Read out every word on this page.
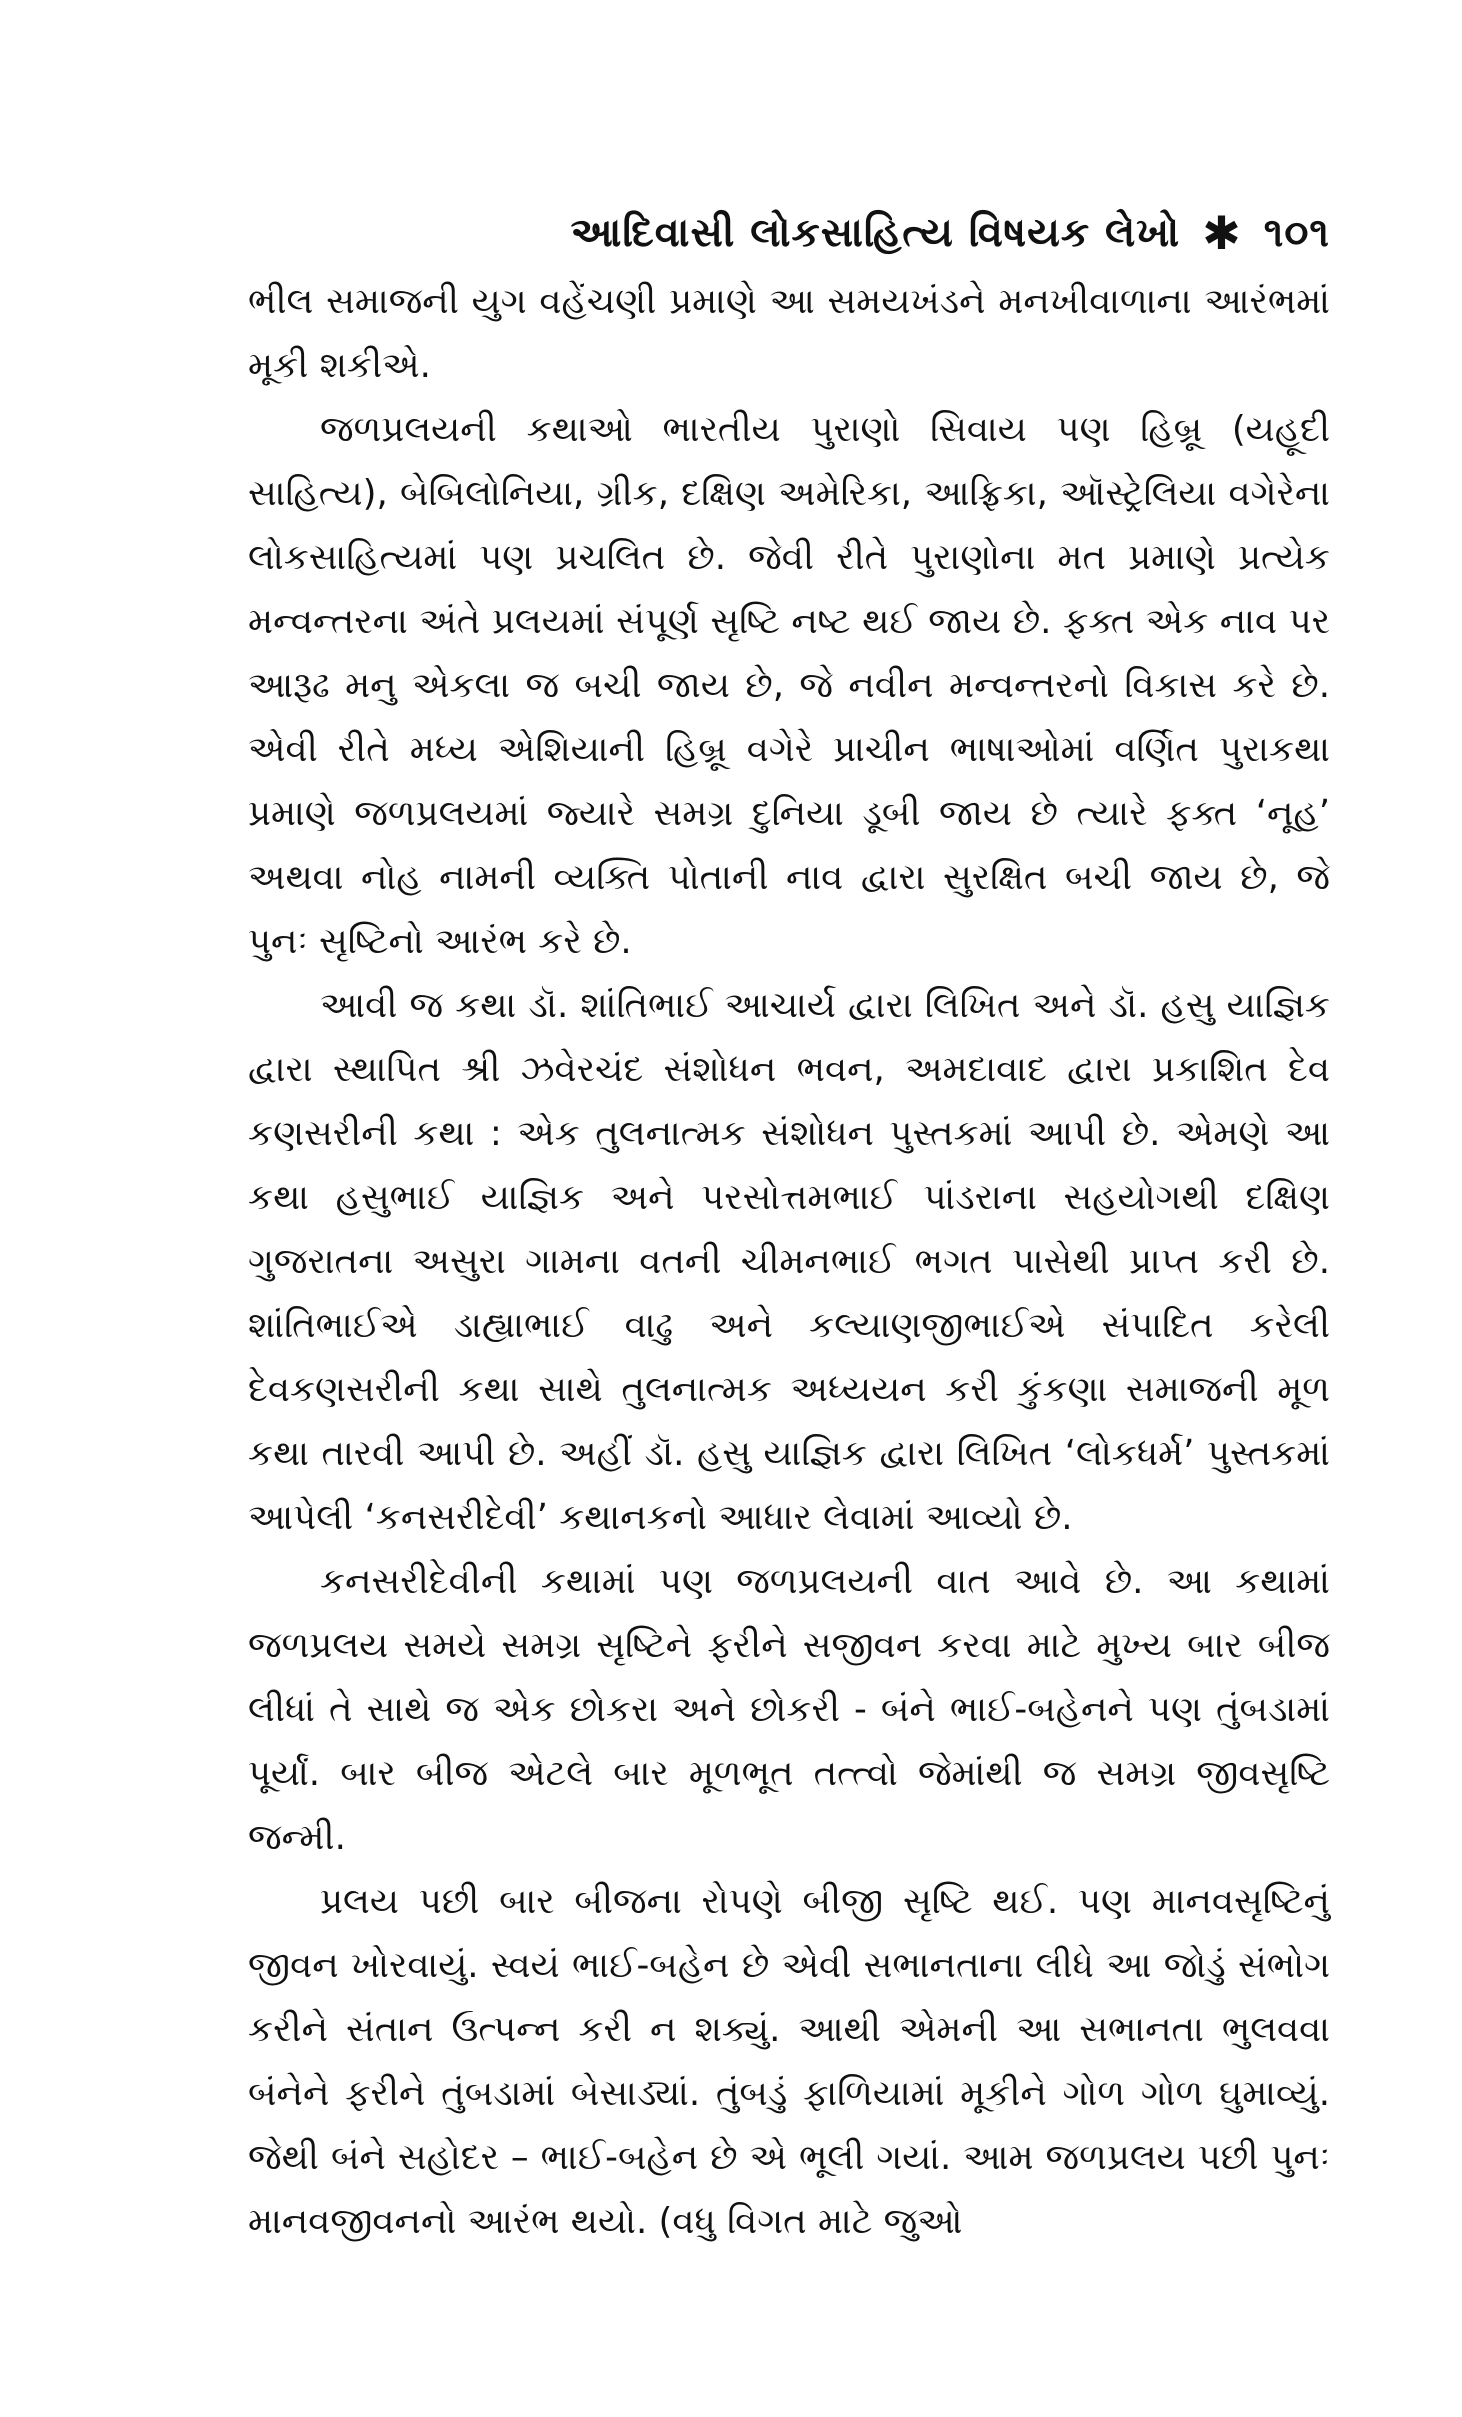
આદિવાસી લોકસાહિત્ય વિષયક લેખો ✱ ૧૦૧

ભીલ સમાજની યુગ વહેંચણી પ્રમાણે આ સમયખંડને મનખીવાળાના આરંભમાં મૂકી શકીએ.

જળપ્રલયની કથાઓ ભારતીય પુરાણો સિવાય પણ હિબ્રૂ (યહૂદી સાહિત્ય), બેબિલોનિયા, ગ્રીક, દક્ષિણ અમેરિકા, આફ્રિકા, ઑસ્ટ્રેલિયા વગેરેના લોકસાહિત્યમાં પણ પ્રચલિત છે. જેવી રીતે પુરાણોના મત પ્રમાણે પ્રત્યેક મન્વન્તરના અંતે પ્રલયમાં સંપૂર્ણ સૃષ્ટિ નષ્ટ થઈ જાય છે. ફક્ત એક નાવ પર આરૂઢ મનુ એકલા જ બચી જાય છે, જે નવીન મન્વન્તરનો વિકાસ કરે છે. એવી રીતે મધ્ય એશિયાની હિબ્રૂ વગેરે પ્રાચીન ભાષાઓમાં વર્ણિત પુરાકથા પ્રમાણે જળપ્રલયમાં જ્યારે સમગ્ર દુનિયા ડૂબી જાય છે ત્યારે ફક્ત ‘નૂહ’ અથવા નોહ નામની વ્યક્તિ પોતાની નાવ દ્વારા સુરક્ષિત બચી જાય છે, જે પુનઃ સૃષ્ટિનો આરંભ કરે છે.

આવી જ કથા ડૉ. શાંતિભાઈ આચાર્ય દ્વારા લિખિત અને ડૉ. હસુ યાજ્ઞિક દ્વારા સ્થાપિત શ્રી ઝવેરચંદ સંશોધન ભવન, અમદાવાદ દ્વારા પ્રકાશિત દેવ કણસરીની કથા : એક તુલનાત્મક સંશોધન પુસ્તકમાં આપી છે. એમણે આ કથા હસુભાઈ યાજ્ઞિક અને પરસોત્તમભાઈ પાંડરાના સહયોગથી દક્ષિણ ગુજરાતના અસુરા ગામના વતની ચીમનભાઈ ભગત પાસેથી પ્રાપ્ત કરી છે. શાંતિભાઈએ ડાહ્યાભાઈ વાઢુ અને કલ્યાણજીભાઈએ સંપાદિત કરેલી દેવકણસરીની કથા સાથે તુલનાત્મક અધ્યયન કરી કુંકણા સમાજની મૂળ કથા તારવી આપી છે. અહીં ડૉ. હસુ યાજ્ઞિક દ્વારા લિખિત ‘લોકધર્મ’ પુસ્તકમાં આપેલી ‘કનસરીદેવી’ કથાનકનો આધાર લેવામાં આવ્યો છે.

કનસરીદેવીની કથામાં પણ જળપ્રલયની વાત આવે છે. આ કથામાં જળપ્રલય સમયે સમગ્ર સૃષ્ટિને ફરીને સજીવન કરવા માટે મુખ્ય બાર બીજ લીધાં તે સાથે જ એક છોકરા અને છોકરી - બંને ભાઈ-બહેનને પણ તુંબડામાં પૂર્યાં. બાર બીજ એટલે બાર મૂળભૂત તત્ત્વો જેમાંથી જ સમગ્ર જીવસૃષ્ટિ જન્મી.

પ્રલય પછી બાર બીજના રોપણે બીજી સૃષ્ટિ થઈ. પણ માનવસૃષ્ટિનું જીવન ખોરવાયું. સ્વયં ભાઈ-બહેન છે એવી સભાનતાના લીધે આ જોડું સંભોગ કરીને સંતાન ઉત્પન્ન કરી ન શક્યું. આથી એમની આ સભાનતા ભુલવવા બંનેને ફરીને તુંબડામાં બેસાડ્યાં. તુંબડું ફાળિયામાં મૂકીને ગોળ ગોળ ઘુમાવ્યું. જેથી બંને સહોદર – ભાઈ-બહેન છે એ ભૂલી ગયાં. આમ જળપ્રલય પછી પુનઃ માનવજીવનનો આરંભ થયો. (વધુ વિગત માટે જુઓ
